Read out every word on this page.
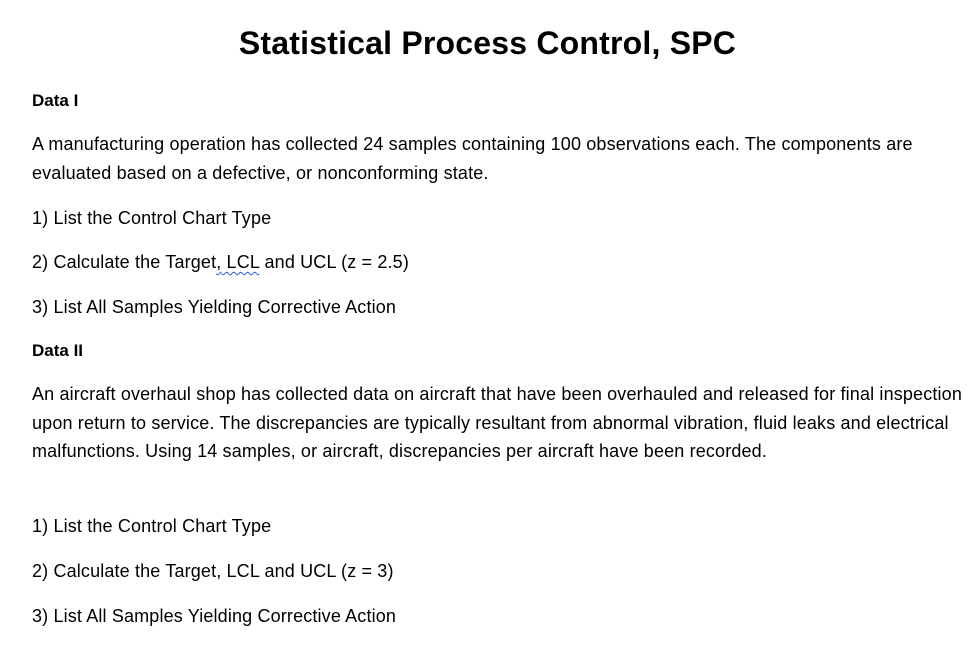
Statistical Process Control, SPC
Data I
A manufacturing operation has collected 24 samples containing 100 observations each. The components are evaluated based on a defective, or nonconforming state.
1) List the Control Chart Type
2) Calculate the Target, LCL and UCL (z = 2.5)
3) List All Samples Yielding Corrective Action
Data II
An aircraft overhaul shop has collected data on aircraft that have been overhauled and released for final inspection upon return to service. The discrepancies are typically resultant from abnormal vibration, fluid leaks and electrical malfunctions. Using 14 samples, or aircraft, discrepancies per aircraft have been recorded.
1) List the Control Chart Type
2) Calculate the Target, LCL and UCL (z = 3)
3) List All Samples Yielding Corrective Action
